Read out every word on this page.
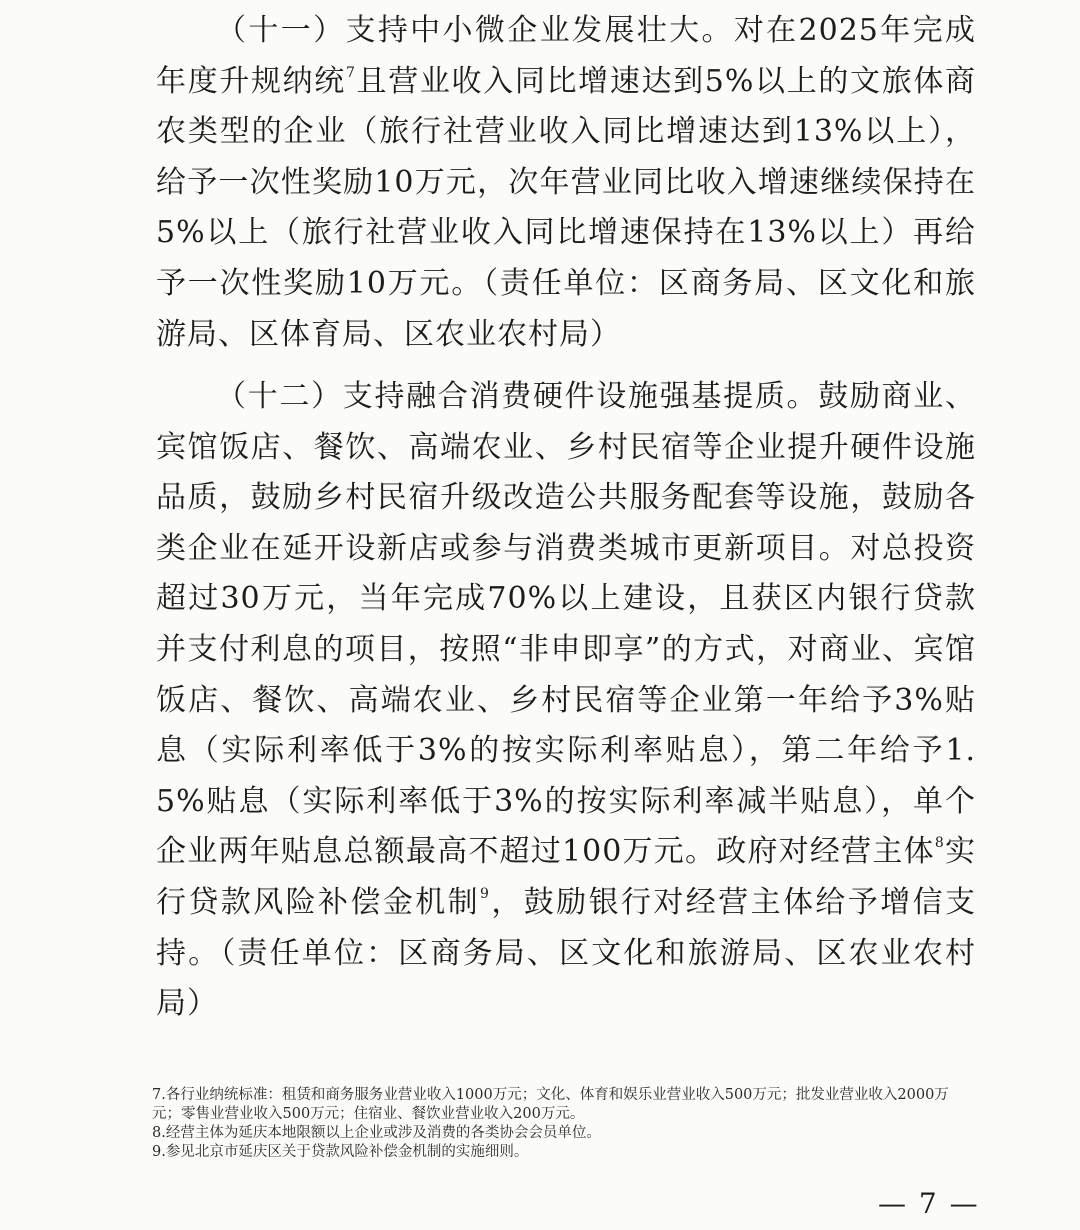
（十一）支持中小微企业发展壮大。对在2025年完成年度升规纳统$^7$且营业收入同比增速达到5%以上的文旅体商农类型的企业（旅行社营业收入同比增速达到13%以上），给予一次性奖励10万元，次年营业同比收入增速继续保持在5%以上（旅行社营业收入同比增速保持在13%以上）再给予一次性奖励10万元。（责任单位：区商务局、区文化和旅游局、区体育局、区农业农村局）

（十二）支持融合消费硬件设施强基提质。鼓励商业、宾馆饭店、餐饮、高端农业、乡村民宿等企业提升硬件设施品质，鼓励乡村民宿升级改造公共服务配套等设施，鼓励各类企业在延开设新店或参与消费类城市更新项目。对总投资超过30万元，当年完成70%以上建设，且获区内银行贷款并支付利息的项目，按照“非申即享”的方式，对商业、宾馆饭店、餐饮、高端农业、乡村民宿等企业第一年给予3%贴息（实际利率低于3%的按实际利率贴息），第二年给予1.5%贴息（实际利率低于3%的按实际利率减半贴息），单个企业两年贴息总额最高不超过100万元。政府对经营主体$^8$实行贷款风险补偿金机制$^9$，鼓励银行对经营主体给予增信支持。（责任单位：区商务局、区文化和旅游局、区农业农村局）

7.各行业纳统标准：租赁和商务服务业营业收入1000万元；文化、体育和娱乐业营业收入500万元；批发业营业收入2000万元；零售业营业收入500万元；住宿业、餐饮业营业收入200万元。

8.经营主体为延庆本地限额以上企业或涉及消费的各类协会会员单位。

9.参见北京市延庆区关于贷款风险补偿金机制的实施细则。

— 7 —
